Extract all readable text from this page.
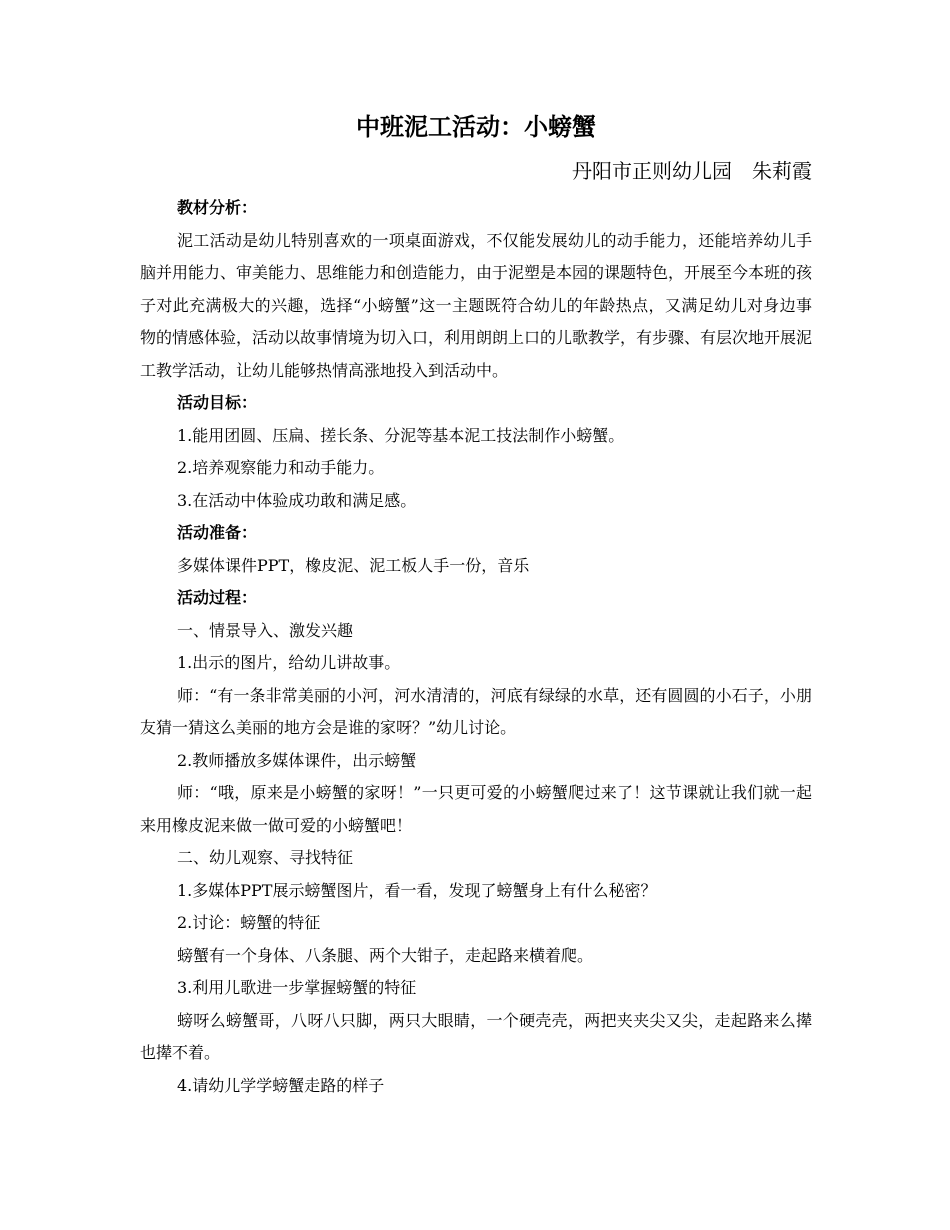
中班泥工活动：小螃蟹
丹阳市正则幼儿园　朱莉霞

教材分析：

泥工活动是幼儿特别喜欢的一项桌面游戏，不仅能发展幼儿的动手能力，还能培养幼儿手脑并用能力、审美能力、思维能力和创造能力，由于泥塑是本园的课题特色，开展至今本班的孩子对此充满极大的兴趣，选择“小螃蟹”这一主题既符合幼儿的年龄热点，又满足幼儿对身边事物的情感体验，活动以故事情境为切入口，利用朗朗上口的儿歌教学，有步骤、有层次地开展泥工教学活动，让幼儿能够热情高涨地投入到活动中。

活动目标：

1.能用团圆、压扁、搓长条、分泥等基本泥工技法制作小螃蟹。

2.培养观察能力和动手能力。

3.在活动中体验成功敢和满足感。

活动准备：

多媒体课件PPT，橡皮泥、泥工板人手一份，音乐

活动过程：

一、情景导入、激发兴趣

1.出示的图片，给幼儿讲故事。

师：“有一条非常美丽的小河，河水清清的，河底有绿绿的水草，还有圆圆的小石子，小朋友猜一猜这么美丽的地方会是谁的家呀？”幼儿讨论。

2.教师播放多媒体课件，出示螃蟹

师：“哦，原来是小螃蟹的家呀！”一只更可爱的小螃蟹爬过来了！这节课就让我们就一起来用橡皮泥来做一做可爱的小螃蟹吧！

二、幼儿观察、寻找特征

1.多媒体PPT展示螃蟹图片，看一看，发现了螃蟹身上有什么秘密？

2.讨论：螃蟹的特征

螃蟹有一个身体、八条腿、两个大钳子，走起路来横着爬。

3.利用儿歌进一步掌握螃蟹的特征

螃呀么螃蟹哥，八呀八只脚，两只大眼睛，一个硬壳壳，两把夹夹尖又尖，走起路来么撵也撵不着。

4.请幼儿学学螃蟹走路的样子
